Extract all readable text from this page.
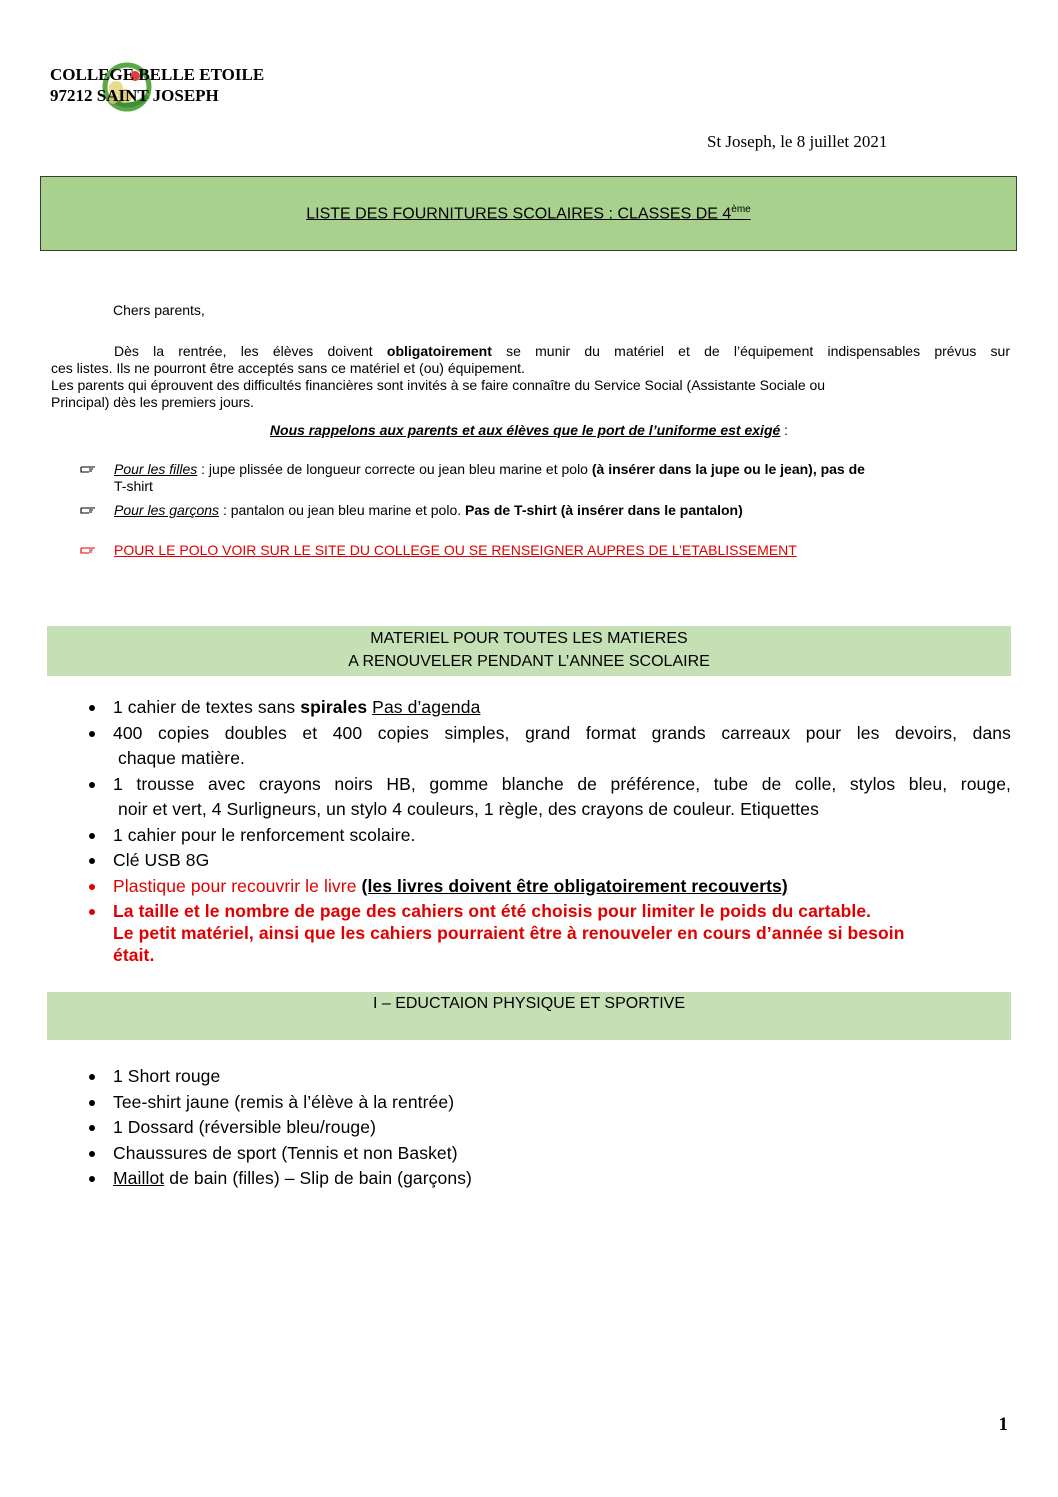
COLLEGE BELLE ETOILE
97212 SAINT JOSEPH
St Joseph, le 8 juillet 2021
LISTE DES FOURNITURES SCOLAIRES : CLASSES DE 4ème
Chers parents,
Dès la rentrée, les élèves doivent obligatoirement se munir du matériel et de l’équipement indispensables prévus sur
ces listes. Ils ne pourront être acceptés sans ce matériel et (ou) équipement.
Les parents qui éprouvent des difficultés financières sont invités à se faire connaître du Service Social (Assistante Sociale ou
Principal) dès les premiers jours.
Nous rappelons aux parents et aux élèves que le port de l’uniforme est exigé :
Pour les filles : jupe plissée de longueur correcte ou jean bleu marine et polo (à insérer dans la jupe ou le jean), pas de
T-shirt
Pour les garçons : pantalon ou jean bleu marine et polo. Pas de T-shirt (à insérer dans le pantalon)
POUR LE POLO VOIR SUR LE SITE DU COLLEGE OU SE RENSEIGNER AUPRES DE L’ETABLISSEMENT
MATERIEL POUR TOUTES LES MATIERES
A RENOUVELER PENDANT L’ANNEE SCOLAIRE
1 cahier de textes sans spirales Pas d’agenda
400 copies doubles et 400 copies simples, grand format grands carreaux pour les devoirs, dans
chaque matière.
1 trousse avec crayons noirs HB, gomme blanche de préférence, tube de colle, stylos bleu, rouge,
noir et vert, 4 Surligneurs, un stylo 4 couleurs, 1 règle, des crayons de couleur. Etiquettes
1 cahier pour le renforcement scolaire.
Clé USB 8G
Plastique pour recouvrir le livre (les livres doivent être obligatoirement recouverts)
La taille et le nombre de page des cahiers ont été choisis pour limiter le poids du cartable.
Le petit matériel, ainsi que les cahiers pourraient être à renouveler en cours d’année si besoin
était.
I – EDUCTAION PHYSIQUE ET SPORTIVE
1 Short rouge
Tee-shirt jaune (remis à l’élève à la rentrée)
1 Dossard (réversible bleu/rouge)
Chaussures de sport (Tennis et non Basket)
Maillot de bain (filles) – Slip de bain (garçons)
1
